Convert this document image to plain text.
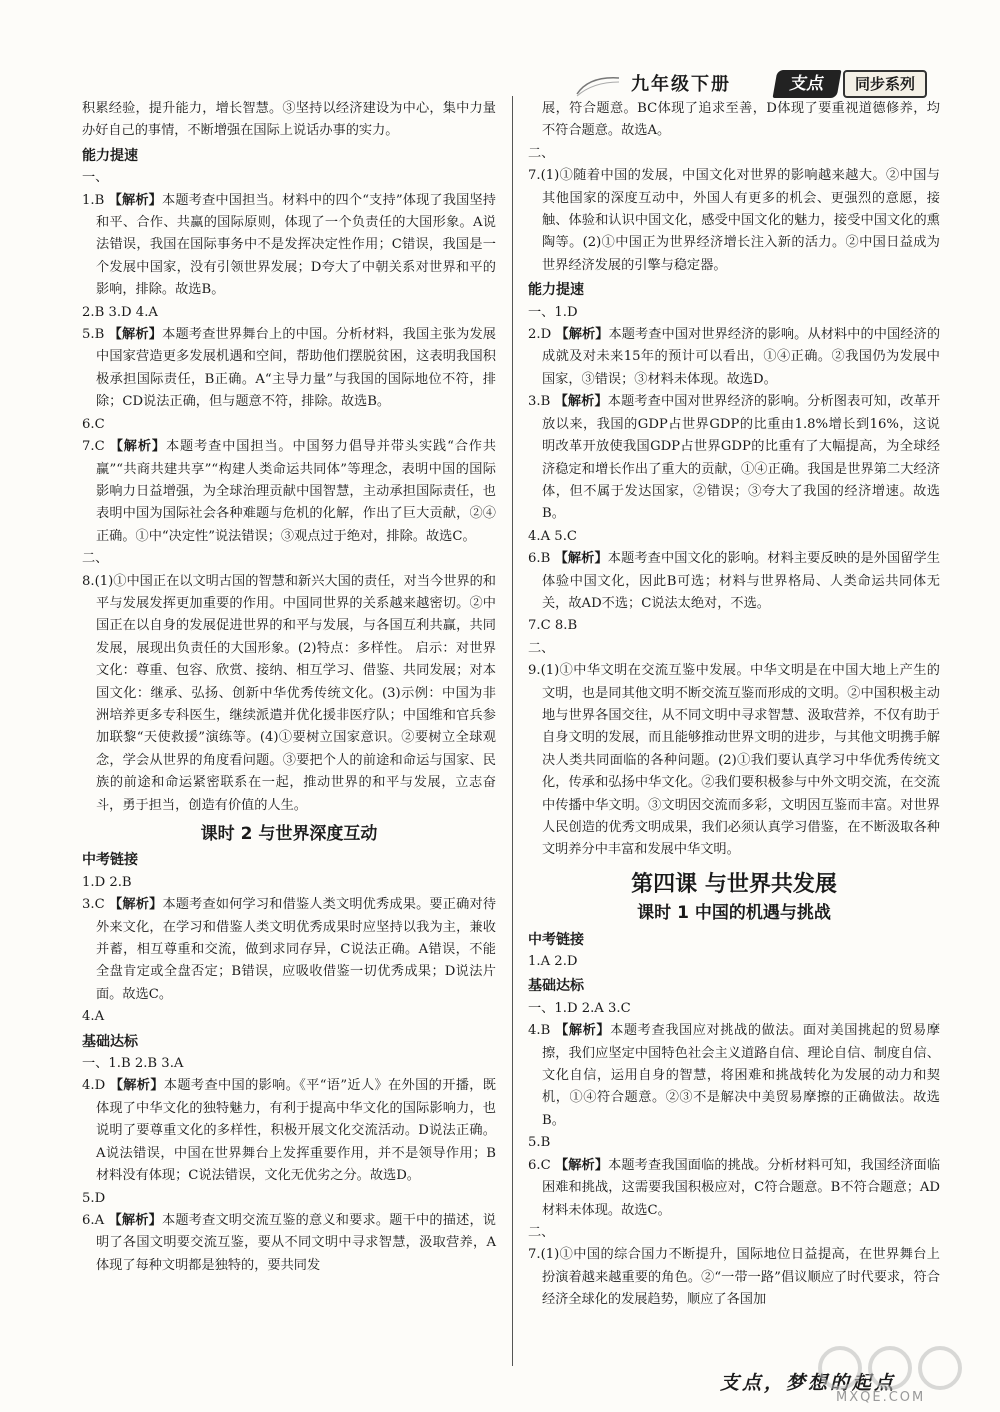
九年级下册	支点	同步系列

积累经验，提升能力，增长智慧。③坚持以经济建设为中心，集中力量办好自己的事情，不断增强在国际上说话办事的实力。

能力提速

一、

1.B 【解析】本题考查中国担当。材料中的四个“支持”体现了我国坚持和平、合作、共赢的国际原则，体现了一个负责任的大国形象。A说法错误，我国在国际事务中不是发挥决定性作用；C错误，我国是一个发展中国家，没有引领世界发展；D夸大了中朝关系对世界和平的影响，排除。故选B。

2.B 3.D 4.A

5.B 【解析】本题考查世界舞台上的中国。分析材料，我国主张为发展中国家营造更多发展机遇和空间，帮助他们摆脱贫困，这表明我国积极承担国际责任，B正确。A“主导力量”与我国的国际地位不符，排除；CD说法正确，但与题意不符，排除。故选B。

6.C

7.C 【解析】本题考查中国担当。中国努力倡导并带头实践“合作共赢”“共商共建共享”“构建人类命运共同体”等理念，表明中国的国际影响力日益增强，为全球治理贡献中国智慧，主动承担国际责任，也表明中国为国际社会各种难题与危机的化解，作出了巨大贡献，②④正确。①中“决定性”说法错误；③观点过于绝对，排除。故选C。

二、

8.(1)①中国正在以文明古国的智慧和新兴大国的责任，对当今世界的和平与发展发挥更加重要的作用。中国同世界的关系越来越密切。②中国正在以自身的发展促进世界的和平与发展，与各国互利共赢，共同发展，展现出负责任的大国形象。(2)特点：多样性。 启示：对世界文化：尊重、包容、欣赏、接纳、相互学习、借鉴、共同发展；对本国文化：继承、弘扬、创新中华优秀传统文化。(3)示例：中国为非洲培养更多专科医生，继续派遣并优化援非医疗队；中国维和官兵参加联黎“天使救援”演练等。(4)①要树立国家意识。②要树立全球观念，学会从世界的角度看问题。③要把个人的前途和命运与国家、民族的前途和命运紧密联系在一起，推动世界的和平与发展，立志奋斗，勇于担当，创造有价值的人生。

课时 2 与世界深度互动

中考链接

1.D 2.B

3.C 【解析】本题考查如何学习和借鉴人类文明优秀成果。要正确对待外来文化，在学习和借鉴人类文明优秀成果时应坚持以我为主，兼收并蓄，相互尊重和交流，做到求同存异，C说法正确。A错误，不能全盘肯定或全盘否定；B错误，应吸收借鉴一切优秀成果；D说法片面。故选C。

4.A

基础达标

一、1.B 2.B 3.A

4.D 【解析】本题考查中国的影响。《平“语”近人》在外国的开播，既体现了中华文化的独特魅力，有利于提高中华文化的国际影响力，也说明了要尊重文化的多样性，积极开展文化交流活动。D说法正确。A说法错误，中国在世界舞台上发挥重要作用，并不是领导作用；B材料没有体现；C说法错误，文化无优劣之分。故选D。

5.D

6.A 【解析】本题考查文明交流互鉴的意义和要求。题干中的描述，说明了各国文明要交流互鉴，要从不同文明中寻求智慧，汲取营养，A体现了每种文明都是独特的，要共同发

展，符合题意。BC体现了追求至善，D体现了要重视道德修养，均不符合题意。故选A。

二、

7.(1)①随着中国的发展，中国文化对世界的影响越来越大。②中国与其他国家的深度互动中，外国人有更多的机会、更强烈的意愿，接触、体验和认识中国文化，感受中国文化的魅力，接受中国文化的熏陶等。(2)①中国正为世界经济增长注入新的活力。②中国日益成为世界经济发展的引擎与稳定器。

能力提速

一、1.D

2.D 【解析】本题考查中国对世界经济的影响。从材料中的中国经济的成就及对未来15年的预计可以看出，①④正确。②我国仍为发展中国家，③错误；③材料未体现。故选D。

3.B 【解析】本题考查中国对世界经济的影响。分析图表可知，改革开放以来，我国的GDP占世界GDP的比重由1.8%增长到16%，这说明改革开放使我国GDP占世界GDP的比重有了大幅提高，为全球经济稳定和增长作出了重大的贡献，①④正确。我国是世界第二大经济体，但不属于发达国家，②错误；③夸大了我国的经济增速。故选B。

4.A 5.C

6.B 【解析】本题考查中国文化的影响。材料主要反映的是外国留学生体验中国文化，因此B可选；材料与世界格局、人类命运共同体无关，故AD不选；C说法太绝对，不选。

7.C 8.B

二、

9.(1)①中华文明在交流互鉴中发展。中华文明是在中国大地上产生的文明，也是同其他文明不断交流互鉴而形成的文明。②中国积极主动地与世界各国交往，从不同文明中寻求智慧、汲取营养，不仅有助于自身文明的发展，而且能够推动世界文明的进步，与其他文明携手解决人类共同面临的各种问题。(2)①我们要认真学习中华优秀传统文化，传承和弘扬中华文化。②我们要积极参与中外文明交流，在交流中传播中华文明。③文明因交流而多彩，文明因互鉴而丰富。对世界人民创造的优秀文明成果，我们必须认真学习借鉴，在不断汲取各种文明养分中丰富和发展中华文明。

第四课 与世界共发展
课时 1 中国的机遇与挑战

中考链接

1.A 2.D

基础达标

一、1.D 2.A 3.C

4.B 【解析】本题考查我国应对挑战的做法。面对美国挑起的贸易摩擦，我们应坚定中国特色社会主义道路自信、理论自信、制度自信、文化自信，运用自身的智慧，将困难和挑战转化为发展的动力和契机，①④符合题意。②③不是解决中美贸易摩擦的正确做法。故选B。

5.B

6.C 【解析】本题考查我国面临的挑战。分析材料可知，我国经济面临困难和挑战，这需要我国积极应对，C符合题意。B不符合题意；AD材料未体现。故选C。

二、

7.(1)①中国的综合国力不断提升，国际地位日益提高，在世界舞台上扮演着越来越重要的角色。②“一带一路”倡议顺应了时代要求，符合经济全球化的发展趋势，顺应了各国加

支点，梦想的起点
MXQE.COM
